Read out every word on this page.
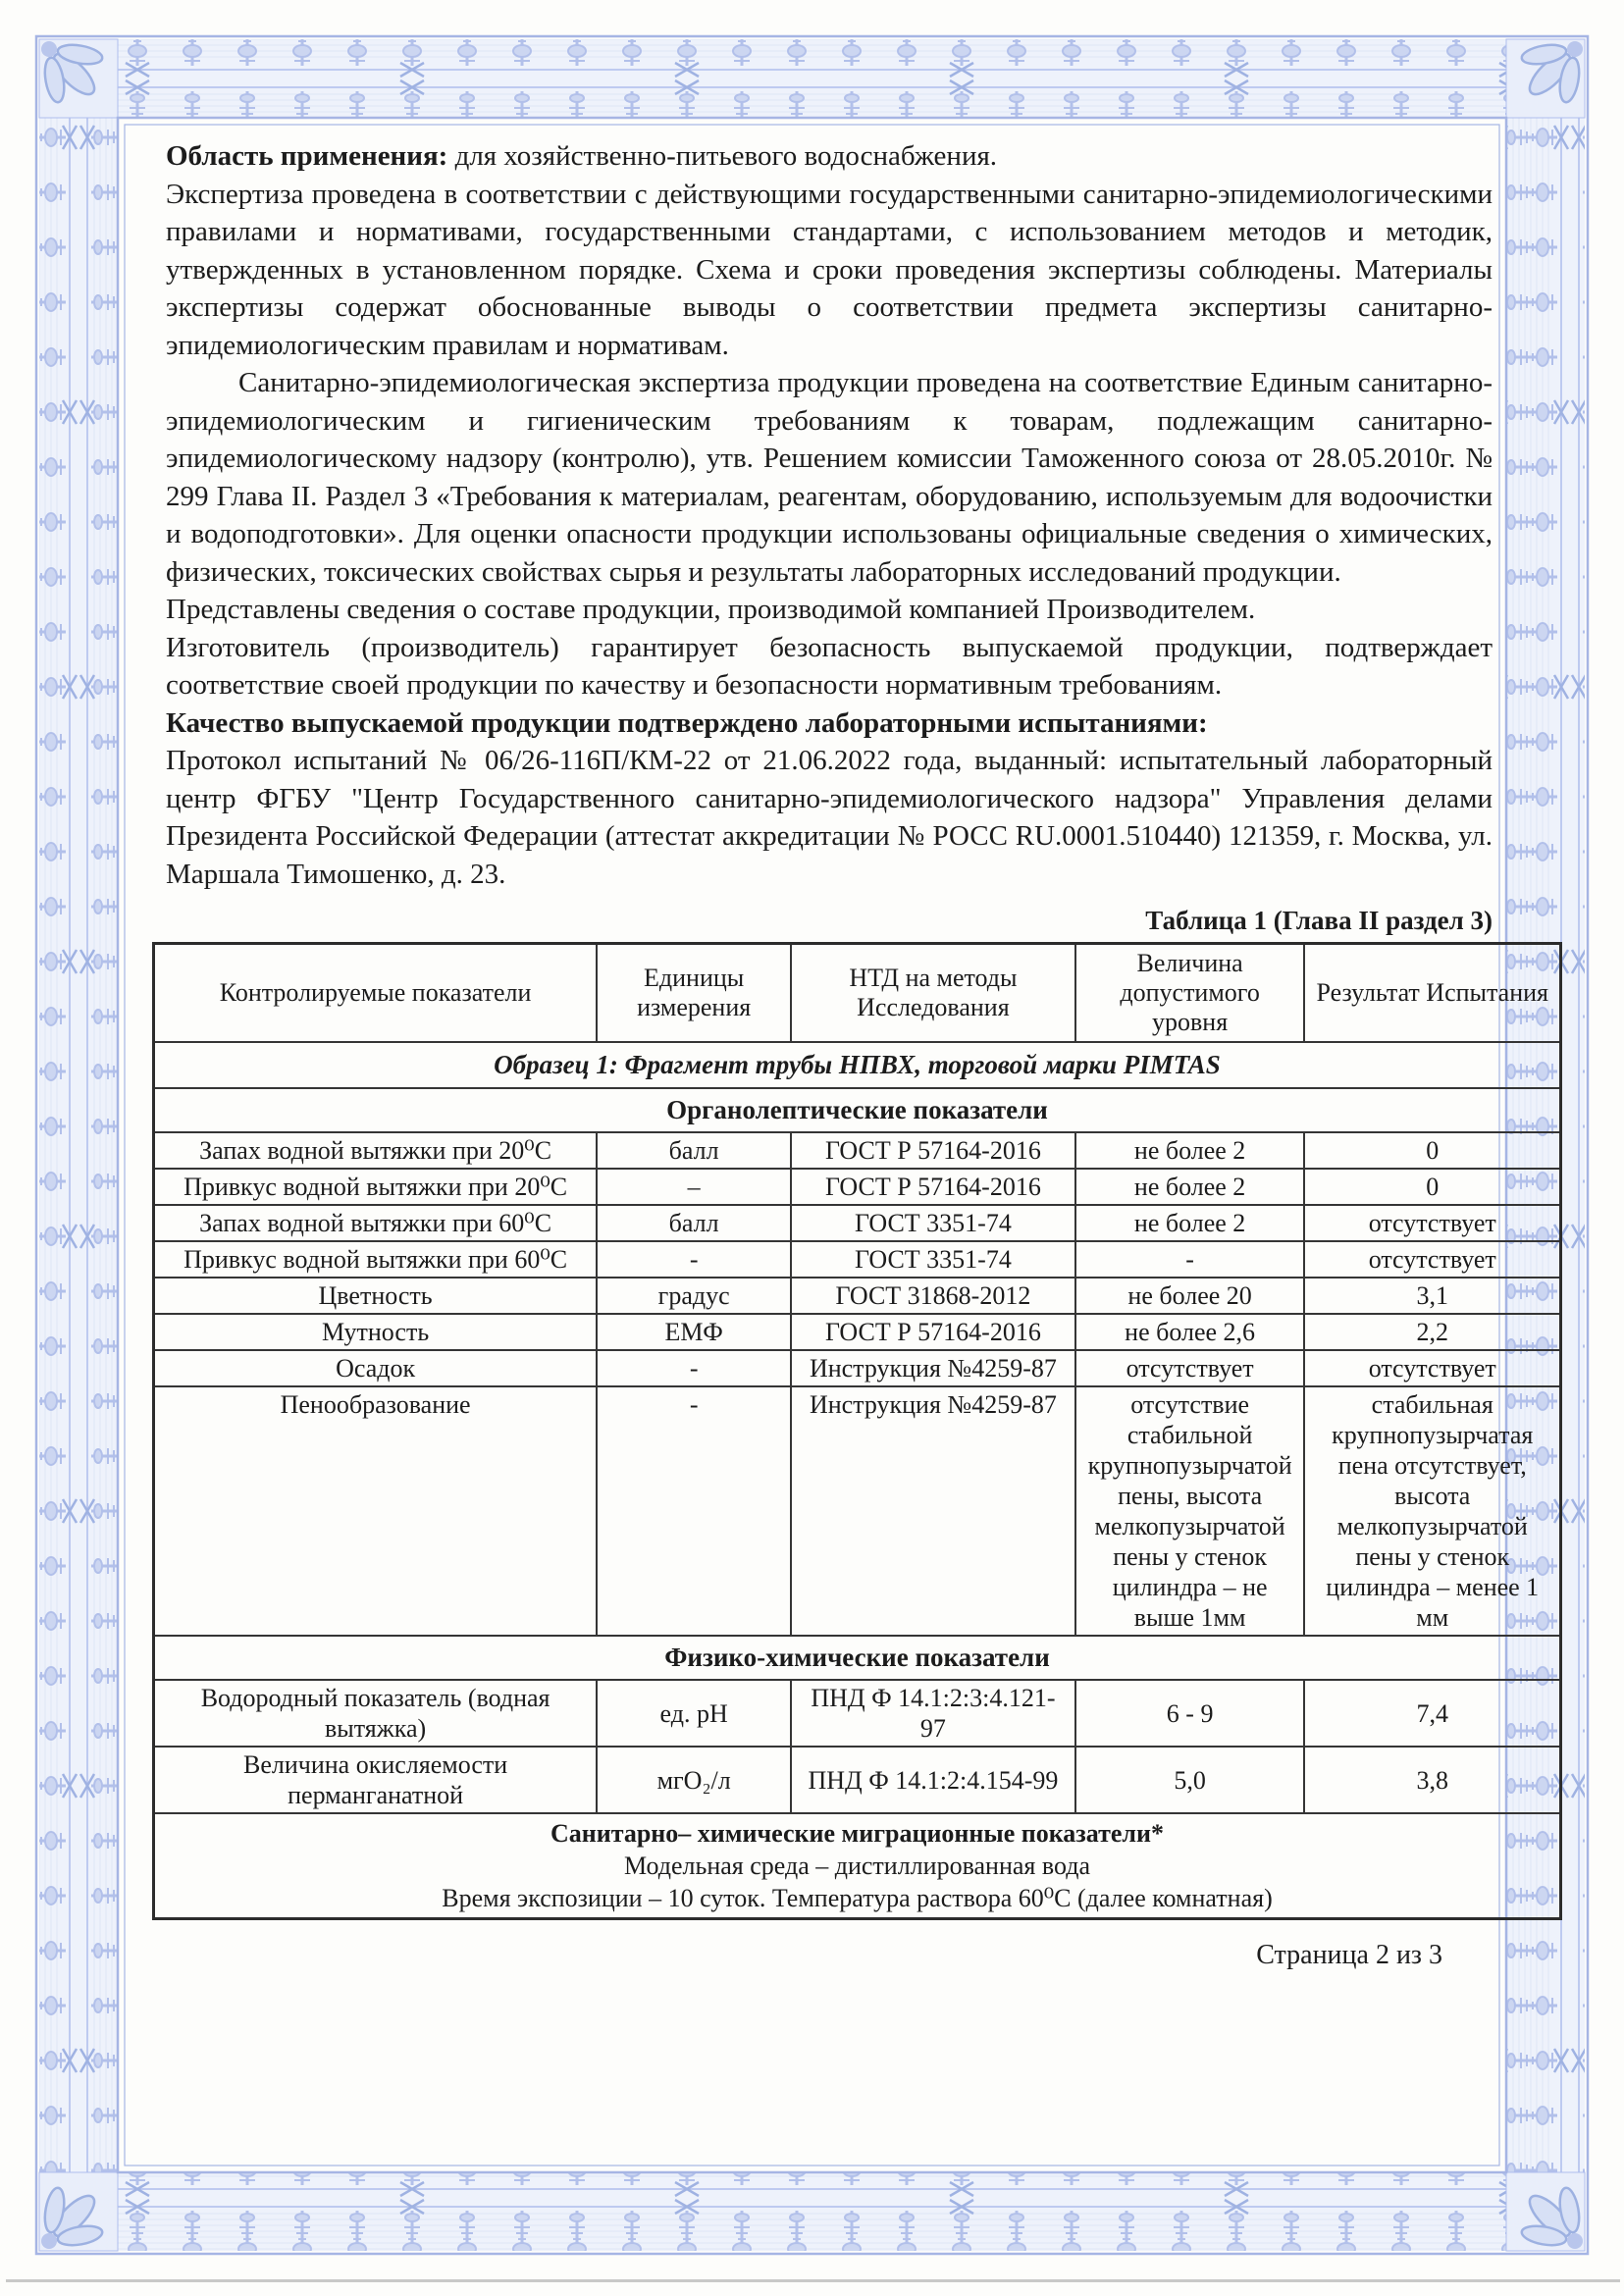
Область применения: для хозяйственно-питьевого водоснабжения.

Экспертиза проведена в соответствии с действующими государственными санитарно-эпидемиологическими правилами и нормативами, государственными стандартами, с использованием методов и методик, утвержденных в установленном порядке. Схема и сроки проведения экспертизы соблюдены. Материалы экспертизы содержат обоснованные выводы о соответствии предмета экспертизы санитарно-эпидемиологическим правилам и нормативам.

Санитарно-эпидемиологическая экспертиза продукции проведена на соответствие Единым санитарно-эпидемиологическим и гигиеническим требованиям к товарам, подлежащим санитарно-эпидемиологическому надзору (контролю), утв. Решением комиссии Таможенного союза от 28.05.2010г. № 299 Глава II. Раздел 3 «Требования к материалам, реагентам, оборудованию, используемым для водоочистки и водоподготовки». Для оценки опасности продукции использованы официальные сведения о химических, физических, токсических свойствах сырья и результаты лабораторных исследований продукции.

Представлены сведения о составе продукции, производимой компанией Производителем.

Изготовитель (производитель) гарантирует безопасность выпускаемой продукции, подтверждает соответствие своей продукции по качеству и безопасности нормативным требованиям.

Качество выпускаемой продукции подтверждено лабораторными испытаниями:

Протокол испытаний № 06/26-116П/КМ-22 от 21.06.2022 года, выданный: испытательный лабораторный центр ФГБУ "Центр Государственного санитарно-эпидемиологического надзора" Управления делами Президента Российской Федерации (аттестат аккредитации № РОСС RU.0001.510440) 121359, г. Москва, ул. Маршала Тимошенко, д. 23.

Таблица 1 (Глава II раздел 3)
Контролируемые показатели	Единицы измерения	НТД на методы Исследования	Величина допустимого уровня	Результат Испытания
Образец 1: Фрагмент трубы НПВХ, торговой марки PIMTAS				
Органолептические показатели				
Запах водной вытяжки при 20⁰С	балл	ГОСТ Р 57164-2016	не более 2	0
Привкус водной вытяжки при 20⁰С	–	ГОСТ Р 57164-2016	не более 2	0
Запах водной вытяжки при 60⁰С	балл	ГОСТ 3351-74	не более 2	отсутствует
Привкус водной вытяжки при 60⁰С	-	ГОСТ 3351-74	-	отсутствует
Цветность	градус	ГОСТ 31868-2012	не более 20	3,1
Мутность	ЕМФ	ГОСТ Р 57164-2016	не более 2,6	2,2
Осадок	-	Инструкция №4259-87	отсутствует	отсутствует
Пенообразование	-	Инструкция №4259-87	отсутствие стабильной крупнопузырчатой пены, высота мелкопузырчатой пены у стенок цилиндра – не выше 1мм	стабильная крупнопузырчатая пена отсутствует, высота мелкопузырчатой пены у стенок цилиндра – менее 1 мм
Физико-химические показатели				
Водородный показатель (водная вытяжка)	ед. pH	ПНД Ф 14.1:2:3:4.121-97	6 - 9	7,4
Величина окисляемости перманганатной	мгО₂/л	ПНД Ф 14.1:2:4.154-99	5,0	3,8

Санитарно– химические миграционные показатели*
Модельная среда – дистиллированная вода
Время экспозиции – 10 суток. Температура раствора 60⁰С (далее комнатная)				
Страница 2 из 3
